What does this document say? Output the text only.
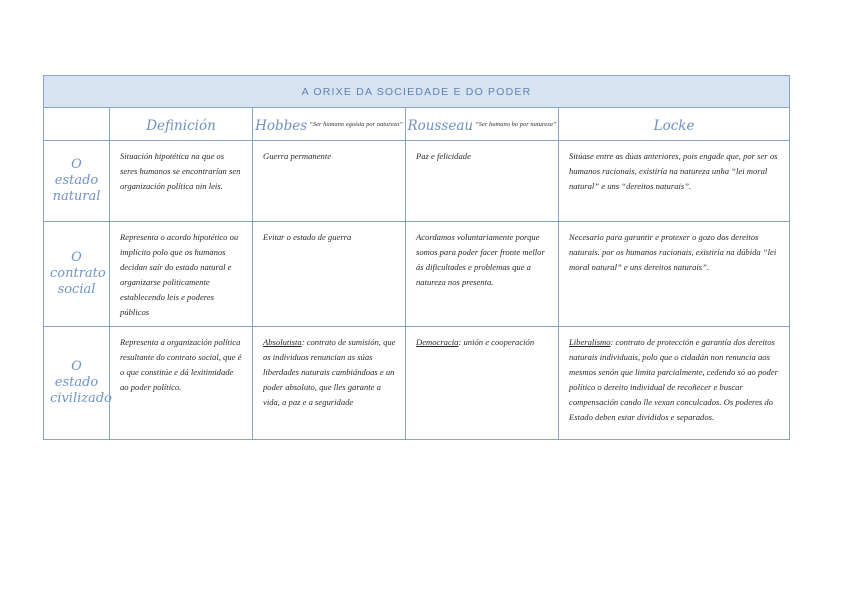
A ORIXE DA SOCIEDADE E DO PODER				
	Definición	Hobbes $^{“Ser humano egoísta por natureza”}$	Rousseau $^{“Ser humano bo por natureza”}$	Locke
O estado natural	Situación hipotética na que os seres humanos se encontrarían sen organización política nin leis.	Guerra permanente	Paz e felicidade	Sitúase entre as dúas anteriores, pois engade que, por ser os humanos racionais, existiría na natureza unha “lei moral natural” e uns “dereitos naturais”.
O contrato social	Representa o acordo hipotético ou implícito polo que os humanos decidan saír do estado natural e organizarse politicamente establecendo leis e poderes públicos	Evitar o estado de guerra	Acordamos voluntariamente porque somos para poder facer fronte mellor ás dificultades e problemas que a natureza nos presenta.	Necesario para garantir e protexer o gozo dos dereitos naturais. por os humanos racionais, existiría na dúbida “lei moral natural” e uns dereitos naturais”.
O estado civilizado	Representa a organización política resultante do contrato social, que é o que constitúe e dá lexitimidade ao poder político.	Absolutista: contrato de sumisión, que os individuos renuncian as súas liberdades naturais cambiándoas e un poder absoluto, que lles garante a vida, a paz e a seguridade	Democracia: unión e cooperación	Liberalismo: contrato de protección e garantía dos dereitos naturais individuais, polo que o cidadán non renuncia aos mesmos senón que limita parcialmente, cedendo só ao poder político o dereito individual de recoñecer e buscar compensación cando lle vexan conculcados. Os poderes do Estado deben estar divididos e separados.
